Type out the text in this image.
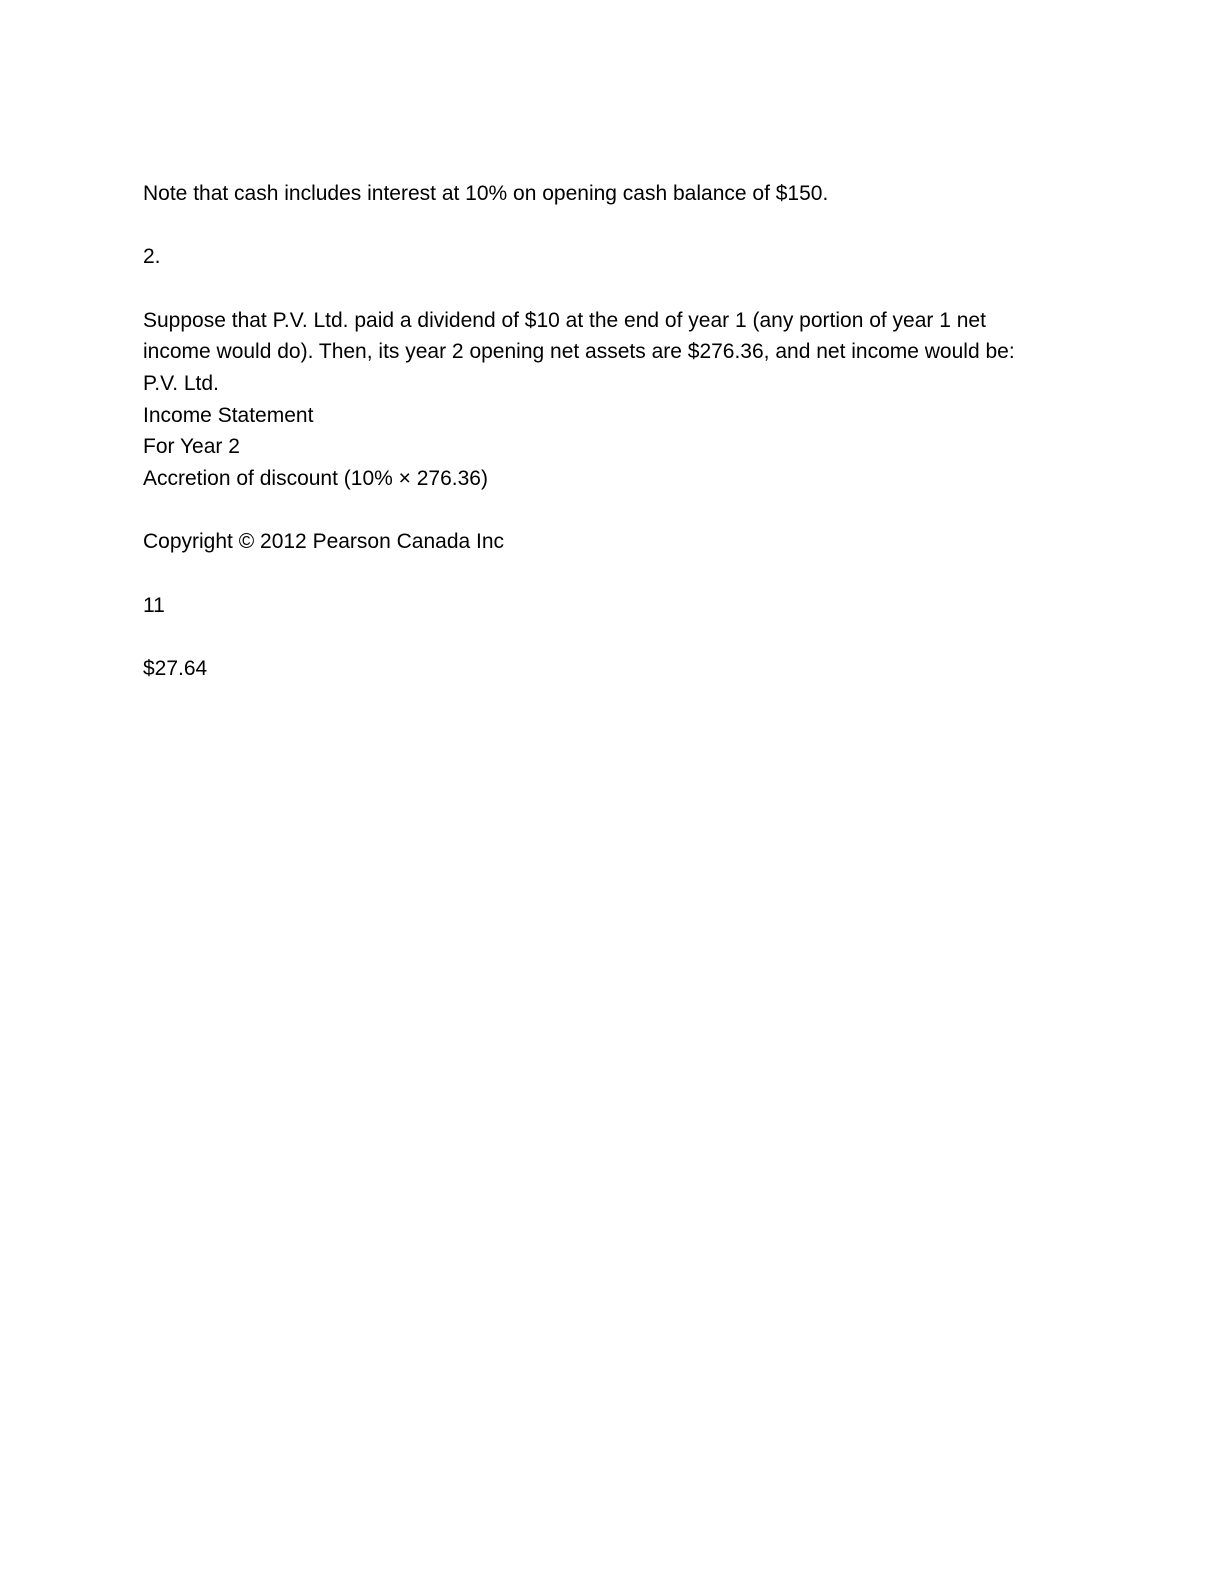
Note that cash includes interest at 10% on opening cash balance of $150.

2.

Suppose that P.V. Ltd. paid a dividend of $10 at the end of year 1 (any portion of year 1 net

income would do). Then, its year 2 opening net assets are $276.36, and net income would be:

P.V. Ltd.

Income Statement

For Year 2

Accretion of discount (10% × 276.36)

Copyright © 2012 Pearson Canada Inc

11

$27.64
